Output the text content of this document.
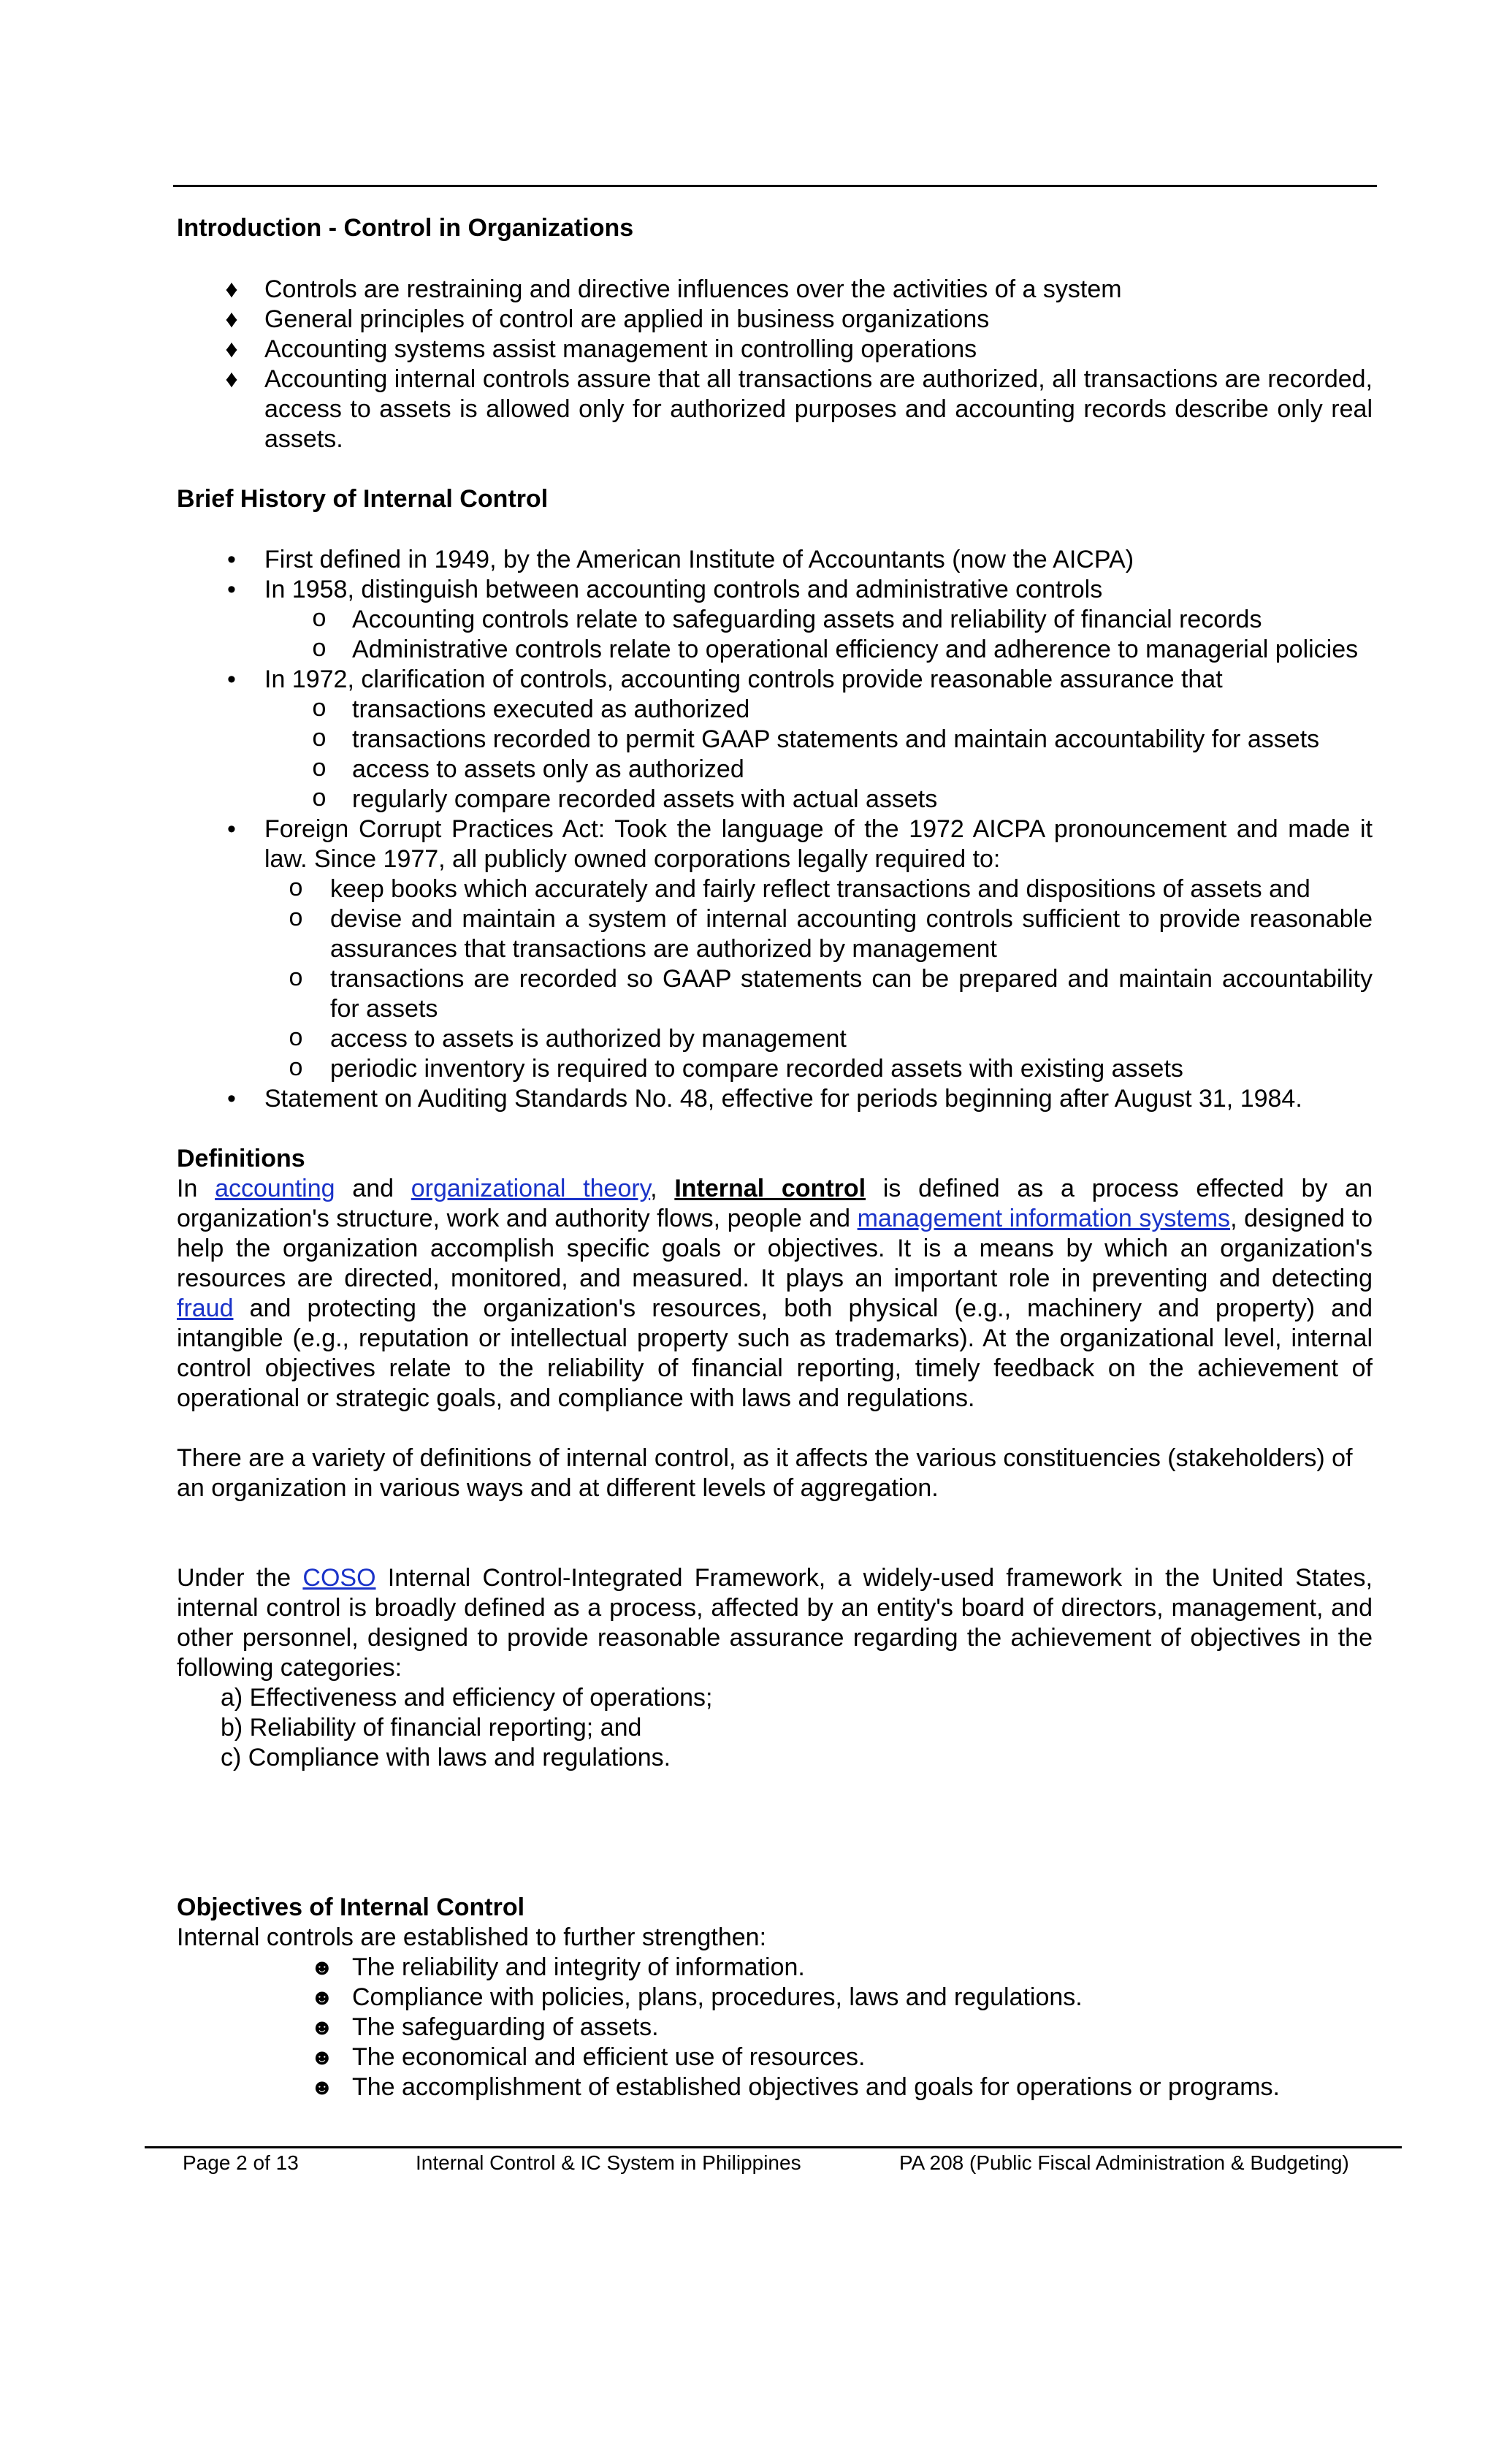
Introduction - Control in Organizations
♦ Controls are restraining and directive influences over the activities of a system
♦ General principles of control are applied in business organizations
♦ Accounting systems assist management in controlling operations
♦ Accounting internal controls assure that all transactions are authorized, all transactions are recorded, access to assets is allowed only for authorized purposes and accounting records describe only real assets.
Brief History of Internal Control
• First defined in 1949, by the American Institute of Accountants (now the AICPA)
• In 1958, distinguish between accounting controls and administrative controls
o Accounting controls relate to safeguarding assets and reliability of financial records
o Administrative controls relate to operational efficiency and adherence to managerial policies
• In 1972, clarification of controls, accounting controls provide reasonable assurance that
o transactions executed as authorized
o transactions recorded to permit GAAP statements and maintain accountability for assets
o access to assets only as authorized
o regularly compare recorded assets with actual assets
• Foreign Corrupt Practices Act: Took the language of the 1972 AICPA pronouncement and made it law. Since 1977, all publicly owned corporations legally required to:
o keep books which accurately and fairly reflect transactions and dispositions of assets and
o devise and maintain a system of internal accounting controls sufficient to provide reasonable assurances that transactions are authorized by management
o transactions are recorded so GAAP statements can be prepared and maintain accountability for assets
o access to assets is authorized by management
o periodic inventory is required to compare recorded assets with existing assets
• Statement on Auditing Standards No. 48, effective for periods beginning after August 31, 1984.
Definitions

In accounting and organizational theory, Internal control is defined as a process effected by an organization's structure, work and authority flows, people and management information systems, designed to help the organization accomplish specific goals or objectives. It is a means by which an organization's resources are directed, monitored, and measured. It plays an important role in preventing and detecting fraud and protecting the organization's resources, both physical (e.g., machinery and property) and intangible (e.g., reputation or intellectual property such as trademarks). At the organizational level, internal control objectives relate to the reliability of financial reporting, timely feedback on the achievement of operational or strategic goals, and compliance with laws and regulations.

There are a variety of definitions of internal control, as it affects the various constituencies (stakeholders) of an organization in various ways and at different levels of aggregation.

Under the COSO Internal Control-Integrated Framework, a widely-used framework in the United States, internal control is broadly defined as a process, affected by an entity's board of directors, management, and other personnel, designed to provide reasonable assurance regarding the achievement of objectives in the following categories:

a) Effectiveness and efficiency of operations;
b) Reliability of financial reporting; and
c) Compliance with laws and regulations.
Objectives of Internal Control
Internal controls are established to further strengthen:
☻ The reliability and integrity of information.
☻ Compliance with policies, plans, procedures, laws and regulations.
☻ The safeguarding of assets.
☻ The economical and efficient use of resources.
☻ The accomplishment of established objectives and goals for operations or programs.
Page 2 of 13	Internal Control & IC System in Philippines	PA 208 (Public Fiscal Administration & Budgeting)
